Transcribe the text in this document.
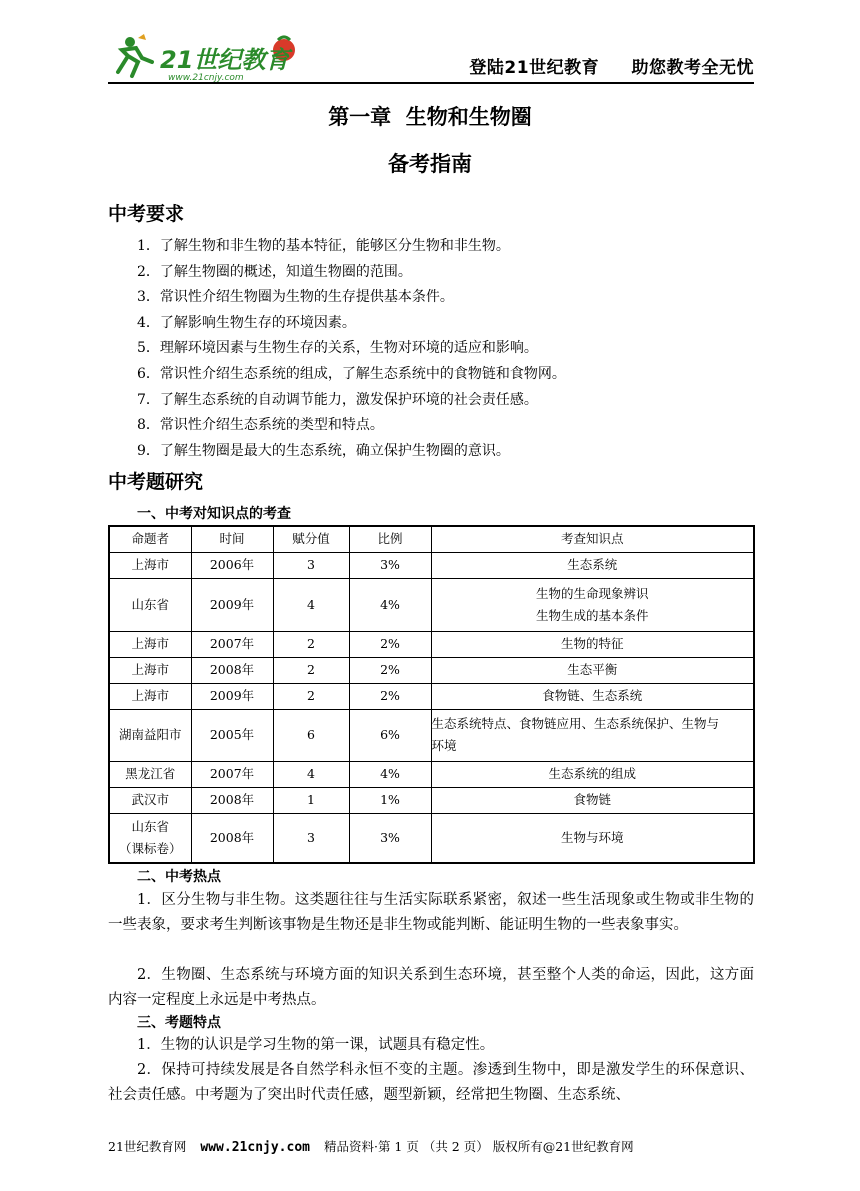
21世纪教育
www.21cnjy.com	登陆21世纪教育 助您教考全无忧
第一章  生物和生物圈
备考指南
中考要求
1．了解生物和非生物的基本特征，能够区分生物和非生物。
2．了解生物圈的概述，知道生物圈的范围。
3．常识性介绍生物圈为生物的生存提供基本条件。
4．了解影响生物生存的环境因素。
5．理解环境因素与生物生存的关系，生物对环境的适应和影响。
6．常识性介绍生态系统的组成，了解生态系统中的食物链和食物网。
7．了解生态系统的自动调节能力，激发保护环境的社会责任感。
8．常识性介绍生态系统的类型和特点。
9．了解生物圈是最大的生态系统，确立保护生物圈的意识。
中考题研究
一、中考对知识点的考查
命题者	时间	赋分值	比例	考查知识点
上海市	2006年	3	3%	生态系统
山东省	2009年	4	4%	生物的生命现象辨识
生物生成的基本条件

上海市	2007年	2	2%	生物的特征
上海市	2008年	2	2%	生态平衡
上海市	2009年	2	2%	食物链、生态系统
湖南益阳市	2005年	6	6%	生态系统特点、食物链应用、生态系统保护、生物与
环境

黑龙江省	2007年	4	4%	生态系统的组成
武汉市	2008年	1	1%	食物链

山东省
（课标卷）	2008年	3	3%	生物与环境
二、中考热点
1．区分生物与非生物。这类题往往与生活实际联系紧密，叙述一些生活现象或生物或非生物的一些表象，要求考生判断该事物是生物还是非生物或能判断、能证明生物的一些表象事实。
2．生物圈、生态系统与环境方面的知识关系到生态环境，甚至整个人类的命运，因此，这方面内容一定程度上永远是中考热点。
三、考题特点
1．生物的认识是学习生物的第一课，试题具有稳定性。
2．保持可持续发展是各自然学科永恒不变的主题。渗透到生物中，即是激发学生的环保意识、社会责任感。中考题为了突出时代责任感，题型新颖，经常把生物圈、生态系统、
21世纪教育网 www.21cnjy.com 精品资料·第 1 页 （共 2 页） 版权所有@21世纪教育网
